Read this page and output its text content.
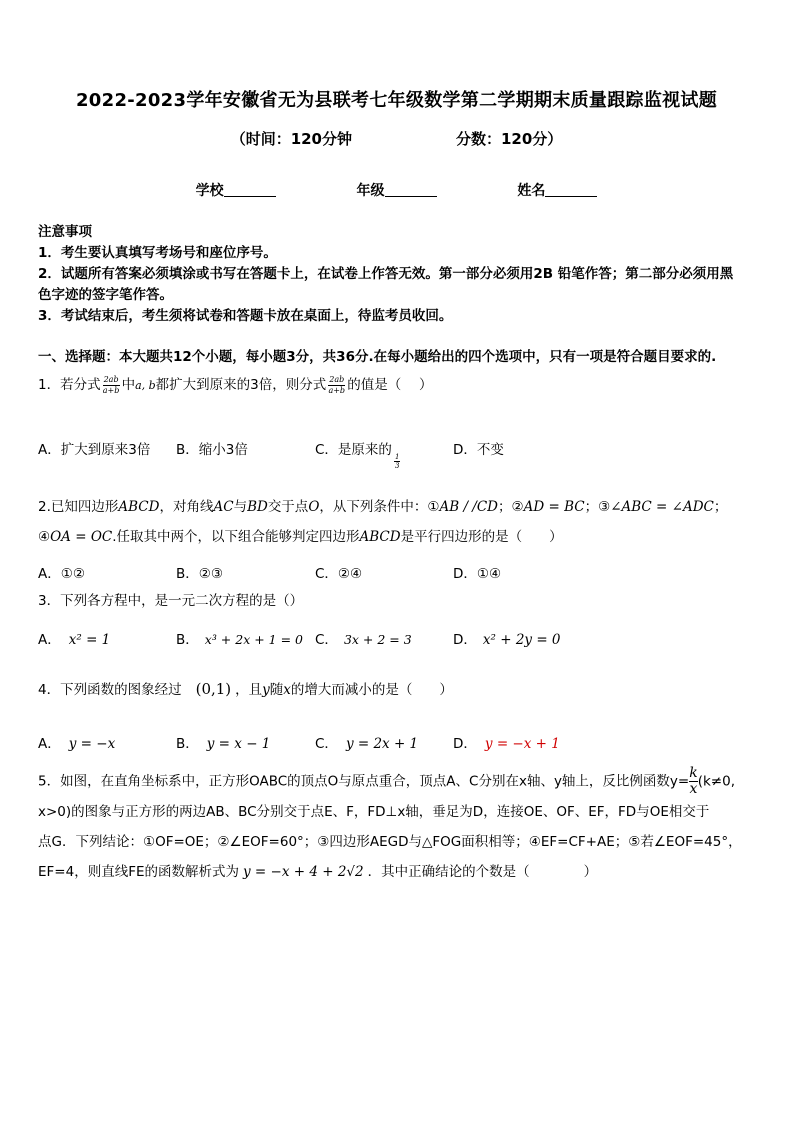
2022-2023学年安徽省无为县联考七年级数学第二学期期末质量跟踪监视试题
（时间：120分钟	分数：120分）
学校	年级	姓名
注意事项
1．考生要认真填写考场号和座位序号。
2．试题所有答案必须填涂或书写在答题卡上，在试卷上作答无效。第一部分必须用2B 铅笔作答；第二部分必须用黑
色字迹的签字笔作答。
3．考试结束后，考生须将试卷和答题卡放在桌面上，待监考员收回。
一、选择题：本大题共12个小题，每小题3分，共36分.在每小题给出的四个选项中，只有一项是符合题目要求的.
1．若分式 $\frac{2ab}{a+b}$ 中a, b都扩大到原来的3倍，则分式 $\frac{2ab}{a+b}$ 的值是（　 ）
A．扩大到原来3倍 B．缩小3倍	C．是原来的
$\frac{1}{3}$
D．不变
2.已知四边形ABCD，对角线AC与BD交于点O，从下列条件中：①AB / /CD；②AD = BC；③∠ABC = ∠ADC；
④OA = OC.任取其中两个，以下组合能够判定四边形ABCD是平行四边形的是（　　）
A．①②	B．②③	C．②④	D．①④
3．下列各方程中，是一元二次方程的是（）
A． x² = 1	B． x³ + 2x + 1 = 0 C． 3x + 2 = 3	D． x² + 2y = 0
4．下列函数的图象经过 (0,1) ，且y随x的增大而减小的是（　　）
A． y = −x	B． y = x − 1	C． y = 2x + 1	D． y = −x + 1
5．如图，在直角坐标系中，正方形OABC的顶点O与原点重合，顶点A、C分别在x轴、y轴上，反比例函数$y= \frac{k}{x}(k\ne 0$,
x>0)的图象与正方形的两边AB、BC分别交于点E、F，FD⊥x轴，垂足为D，连接OE、OF、EF，FD与OE相交于
点G．下列结论：①OF=OE；②∠EOF=60°；③四边形AEGD与△FOG面积相等；④EF=CF+AE；⑤若∠EOF=45°，
EF=4，则直线FE的函数解析式为 y = −x + 4 + 2√2 ．其中正确结论的个数是（　　　　）
